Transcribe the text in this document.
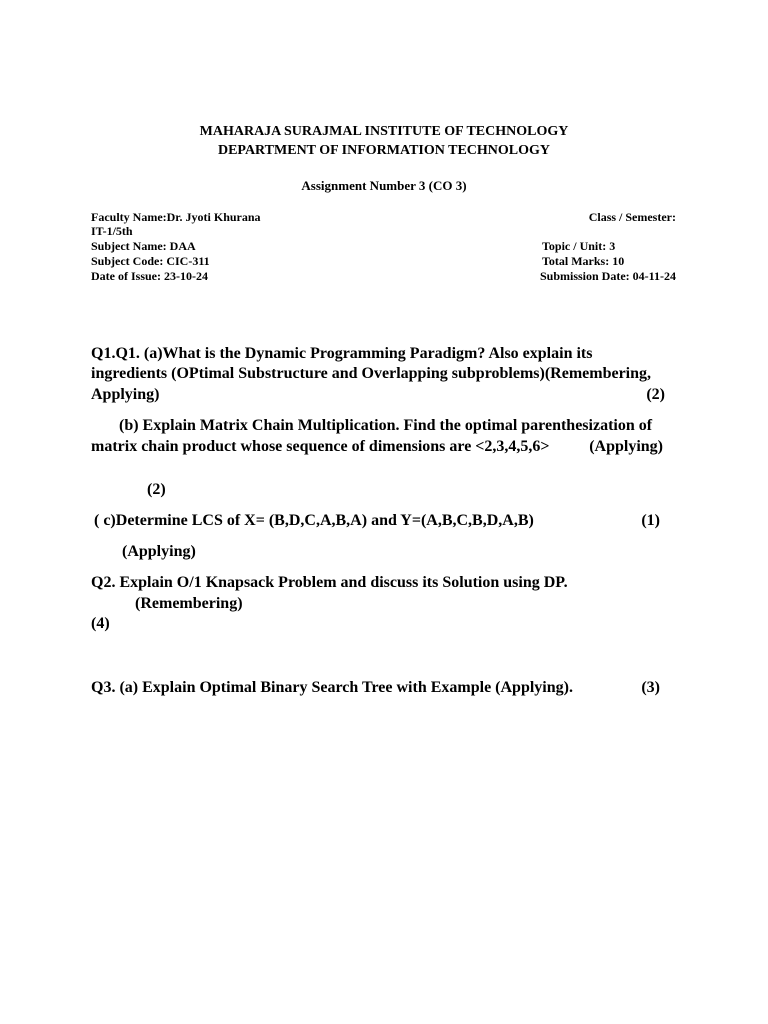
MAHARAJA SURAJMAL INSTITUTE OF TECHNOLOGY
DEPARTMENT OF INFORMATION TECHNOLOGY
Assignment Number 3 (CO 3)
Faculty Name:Dr. Jyoti Khurana	Class / Semester:
IT-1/5th
Subject Name: DAA	Topic / Unit: 3
Subject Code: CIC-311	Total Marks: 10
Date of Issue: 23-10-24	Submission Date: 04-11-24
Q1.Q1. (a)What is the Dynamic Programming Paradigm? Also explain its
ingredients (OPtimal Substructure and Overlapping subproblems)(Remembering,
Applying)	(2)
(b) Explain Matrix Chain Multiplication. Find the optimal parenthesization of
matrix chain product whose sequence of dimensions are <2,3,4,5,6>	(Applying)
(2)
( c)Determine LCS of X= (B,D,C,A,B,A) and Y=(A,B,C,B,D,A,B)	(1)
(Applying)
Q2. Explain O/1 Knapsack Problem and discuss its Solution using DP.
(Remembering)
(4)
Q3. (a) Explain Optimal Binary Search Tree with Example (Applying).	(3)
